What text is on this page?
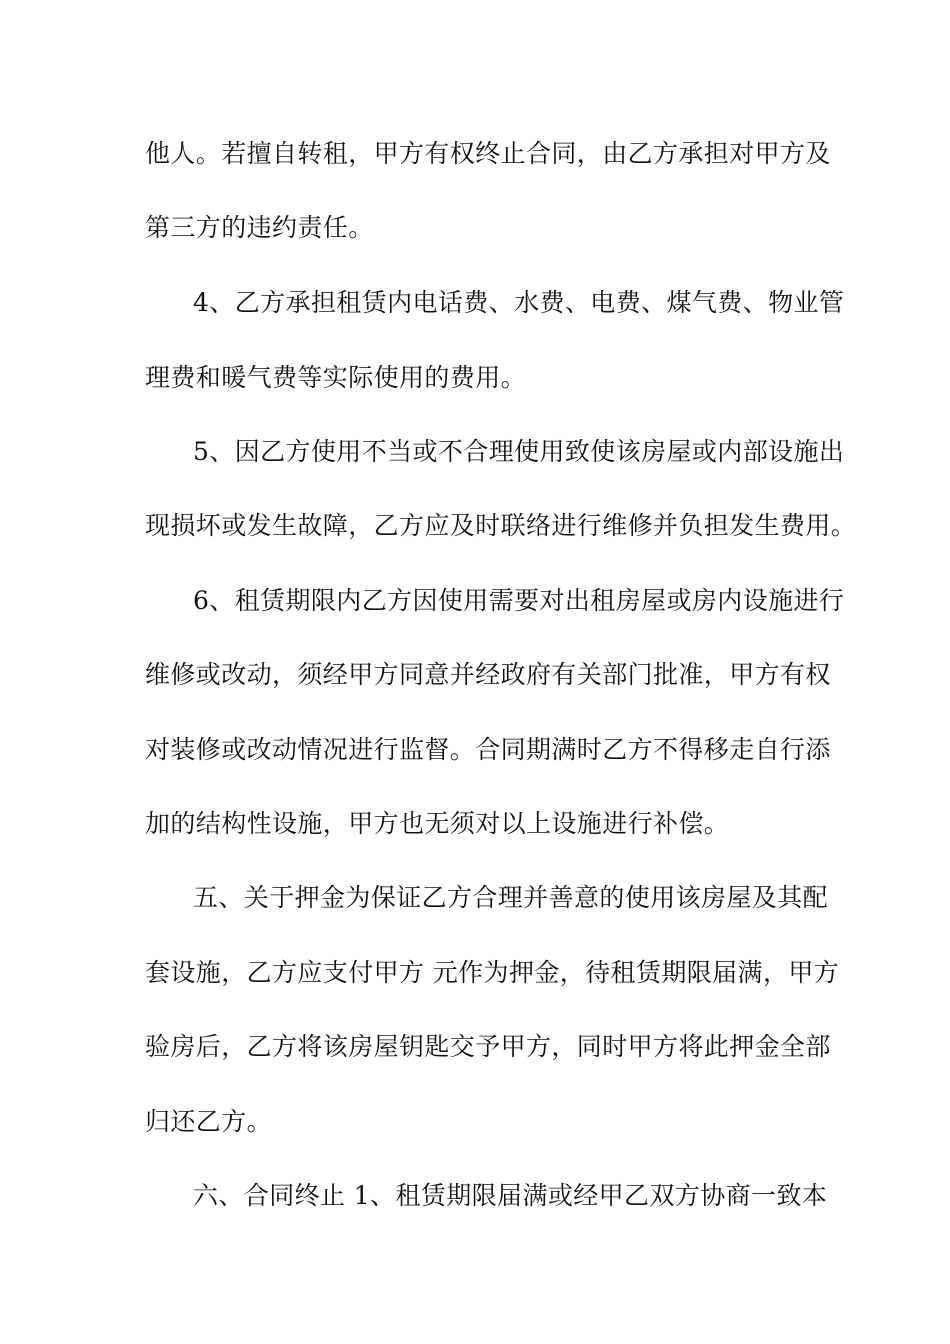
他人。若擅自转租，甲方有权终止合同，由乙方承担对甲方及
第三方的违约责任。
4、乙方承担租赁内电话费、水费、电费、煤气费、物业管
理费和暖气费等实际使用的费用。
5、因乙方使用不当或不合理使用致使该房屋或内部设施出
现损坏或发生故障，乙方应及时联络进行维修并负担发生费用。
6、租赁期限内乙方因使用需要对出租房屋或房内设施进行
维修或改动，须经甲方同意并经政府有关部门批准，甲方有权
对装修或改动情况进行监督。合同期满时乙方不得移走自行添
加的结构性设施，甲方也无须对以上设施进行补偿。
五、关于押金为保证乙方合理并善意的使用该房屋及其配
套设施，乙方应支付甲方 元作为押金，待租赁期限届满，甲方
验房后，乙方将该房屋钥匙交予甲方，同时甲方将此押金全部
归还乙方。
六、合同终止 1、租赁期限届满或经甲乙双方协商一致本
